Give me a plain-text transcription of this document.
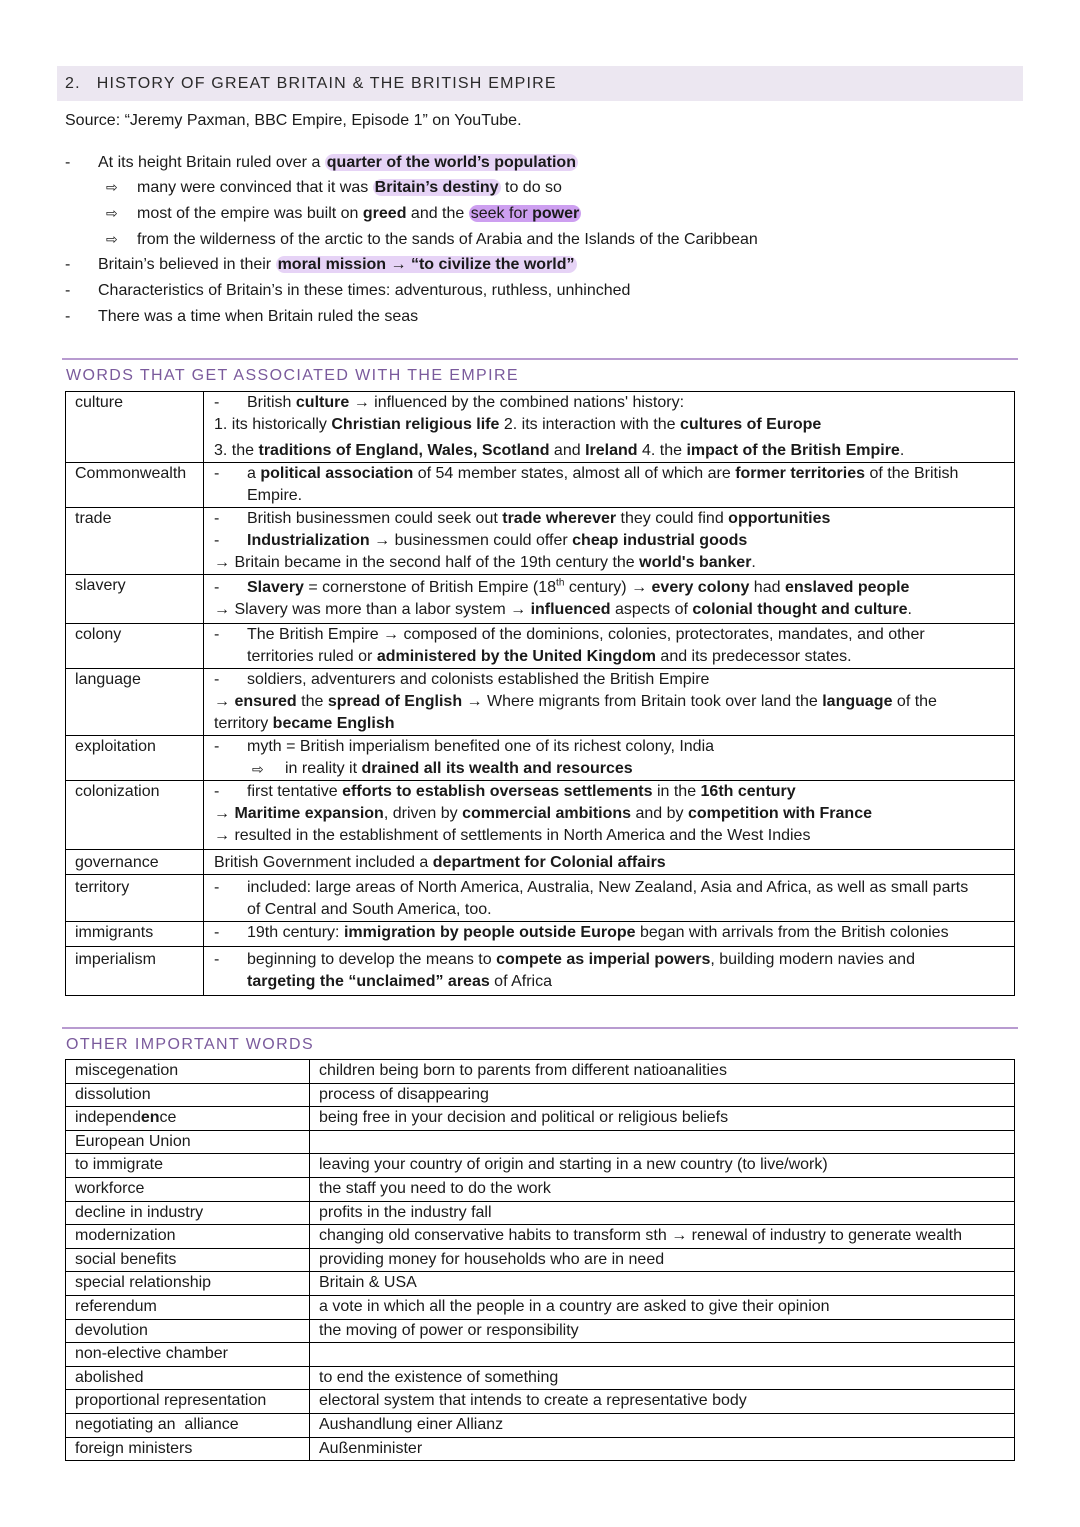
2. HISTORY OF GREAT BRITAIN & THE BRITISH EMPIRE
Source: “Jeremy Paxman, BBC Empire, Episode 1” on YouTube.
- At its height Britain ruled over a quarter of the world’s population
⇨ many were convinced that it was Britain’s destiny to do so
⇨ most of the empire was built on greed and the seek for power
⇨ from the wilderness of the arctic to the sands of Arabia and the Islands of the Caribbean
- Britain’s believed in their moral mission → “to civilize the world”
- Characteristics of Britain’s in these times: adventurous, ruthless, unhinched
- There was a time when Britain ruled the seas
WORDS THAT GET ASSOCIATED WITH THE EMPIRE
culture	- British culture → influenced by the combined nations' history:
1. its historically Christian religious life 2. its interaction with the cultures of Europe
3. the traditions of England, Wales, Scotland and Ireland 4. the impact of the British Empire.

Commonwealth	- a political association of 54 member states, almost all of which are former territories of the British
Empire.

trade	- British businessmen could seek out trade wherever they could find opportunities
- Industrialization → businessmen could offer cheap industrial goods
→ Britain became in the second half of the 19th century the world's banker.

slavery	- Slavery = cornerstone of British Empire (18th century) → every colony had enslaved people
→ Slavery was more than a labor system → influenced aspects of colonial thought and culture.

colony	- The British Empire → composed of the dominions, colonies, protectorates, mandates, and other
territories ruled or administered by the United Kingdom and its predecessor states.

language	- soldiers, adventurers and colonists established the British Empire
→ ensured the spread of English → Where migrants from Britain took over land the language of the
territory became English

exploitation	- myth = British imperialism benefited one of its richest colony, India
⇨ in reality it drained all its wealth and resources

colonization	- first tentative efforts to establish overseas settlements in the 16th century
→ Maritime expansion, driven by commercial ambitions and by competition with France
→ resulted in the establishment of settlements in North America and the West Indies

governance	British Government included a department for Colonial affairs

territory	- included: large areas of North America, Australia, New Zealand, Asia and Africa, as well as small parts
of Central and South America, too.

immigrants	- 19th century: immigration by people outside Europe began with arrivals from the British colonies

imperialism	- beginning to develop the means to compete as imperial powers, building modern navies and
targeting the “unclaimed” areas of Africa
OTHER IMPORTANT WORDS
miscegenation	children being born to parents from different natioanalities
dissolution	process of disappearing
independence	being free in your decision and political or religious beliefs
European Union	
to immigrate	leaving your country of origin and starting in a new country (to live/work)
workforce	the staff you need to do the work
decline in industry	profits in the industry fall
modernization	changing old conservative habits to transform sth → renewal of industry to generate wealth
social benefits	providing money for households who are in need
special relationship	Britain & USA
referendum	a vote in which all the people in a country are asked to give their opinion
devolution	the moving of power or responsibility
non-elective chamber	
abolished	to end the existence of something
proportional representation	electoral system that intends to create a representative body
negotiating an  alliance	Aushandlung einer Allianz
foreign ministers	Außenminister
